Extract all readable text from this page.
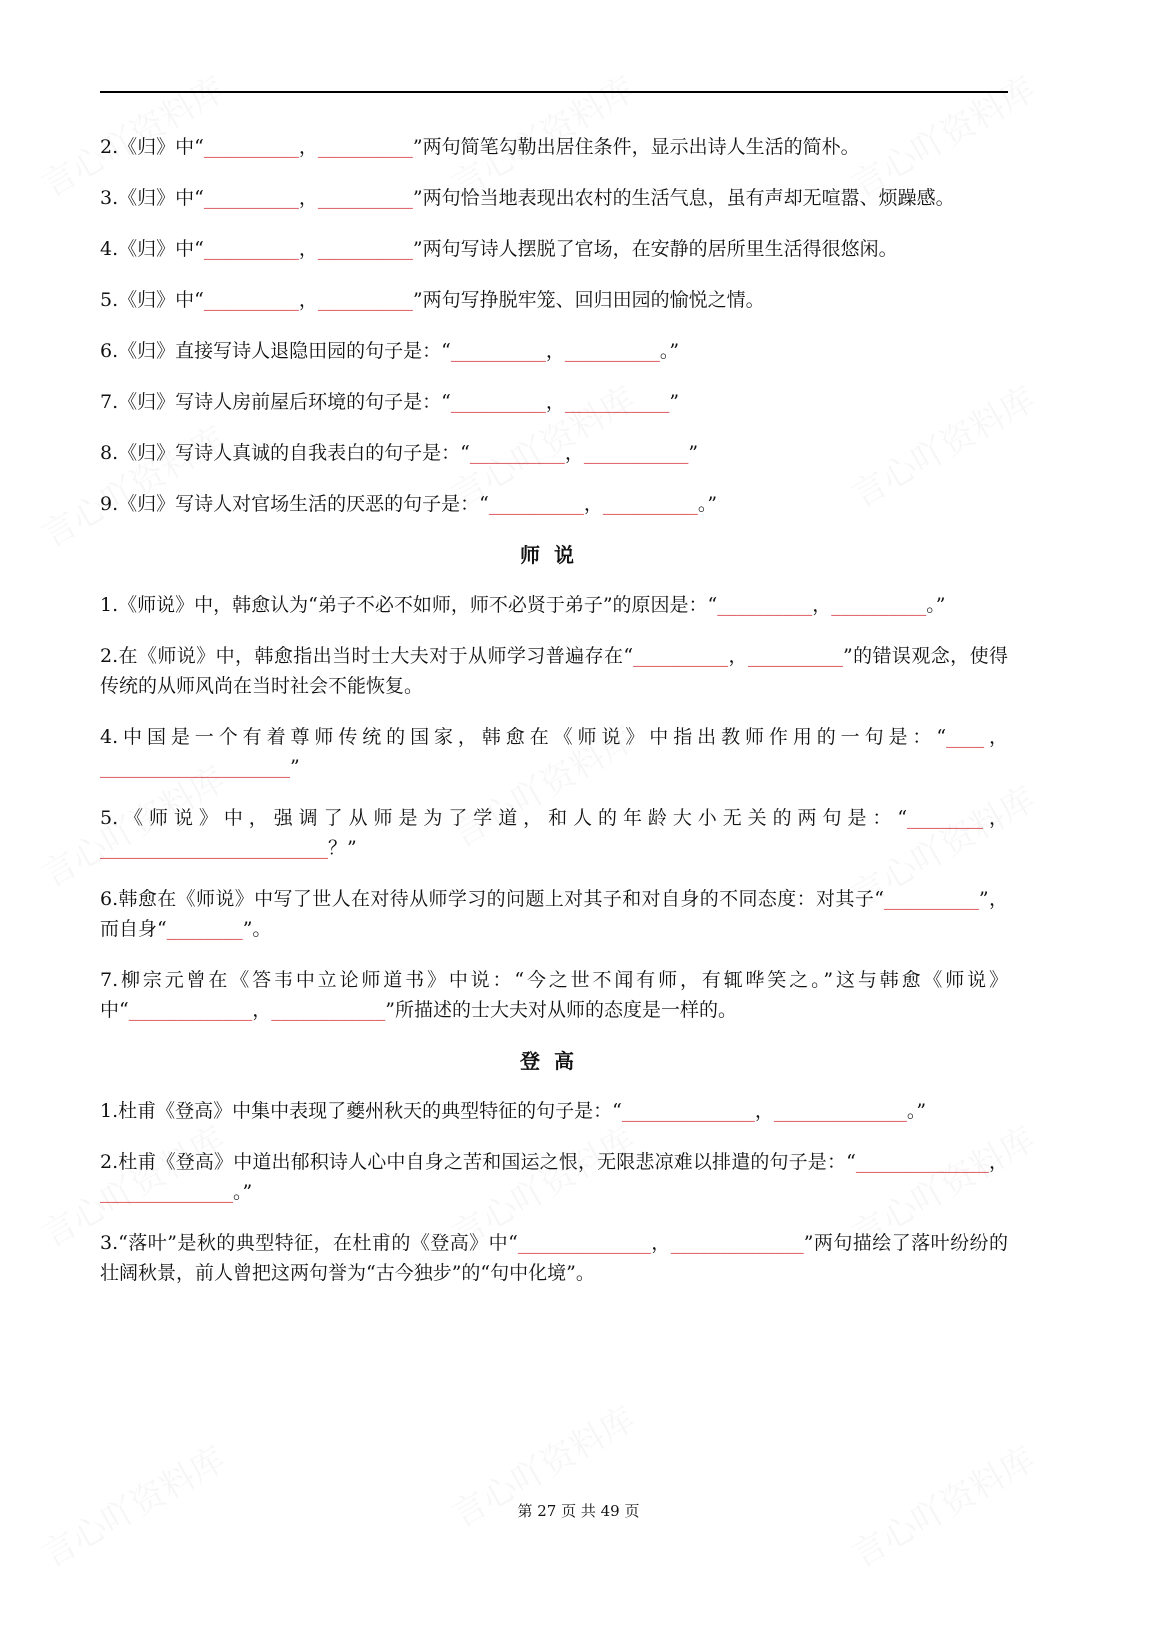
2.《归》中“__________，__________”两句简笔勾勒出居住条件，显示出诗人生活的简朴。

3.《归》中“__________，__________”两句恰当地表现出农村的生活气息，虽有声却无喧嚣、烦躁感。

4.《归》中“__________，__________”两句写诗人摆脱了官场，在安静的居所里生活得很悠闲。

5.《归》中“__________，__________”两句写挣脱牢笼、回归田园的愉悦之情。

6.《归》直接写诗人退隐田园的句子是：“__________，__________。”

7.《归》写诗人房前屋后环境的句子是：“__________，___________”

8.《归》写诗人真诚的自我表白的句子是：“__________，___________”

9.《归》写诗人对官场生活的厌恶的句子是：“__________，__________。”

师说

1.《师说》中，韩愈认为“弟子不必不如师，师不必贤于弟子”的原因是：“__________，__________。”

2.在《师说》中，韩愈指出当时士大夫对于从师学习普遍存在“__________，__________”的错误观念，使得传统的从师风尚在当时社会不能恢复。

4.中国是一个有着尊师传统的国家，韩愈在《师说》中指出教师作用的一句是：“____，____________________”

5.《师说》中，强调了从师是为了学道，和人的年龄大小无关的两句是：“________，________________________？”

6.韩愈在《师说》中写了世人在对待从师学习的问题上对其子和对自身的不同态度：对其子“__________”，而自身“________”。

7.柳宗元曾在《答韦中立论师道书》中说：“今之世不闻有师，有辄哗笑之。”这与韩愈《师说》中“_____________，____________”所描述的士大夫对从师的态度是一样的。

登高

1.杜甫《登高》中集中表现了夔州秋天的典型特征的句子是：“______________，______________。”

2.杜甫《登高》中道出郁积诗人心中自身之苦和国运之恨，无限悲凉难以排遣的句子是：“______________，______________。”

3.“落叶”是秋的典型特征，在杜甫的《登高》中“______________，______________”两句描绘了落叶纷纷的壮阔秋景，前人曾把这两句誉为“古今独步”的“句中化境”。

第 27 页 共 49 页
